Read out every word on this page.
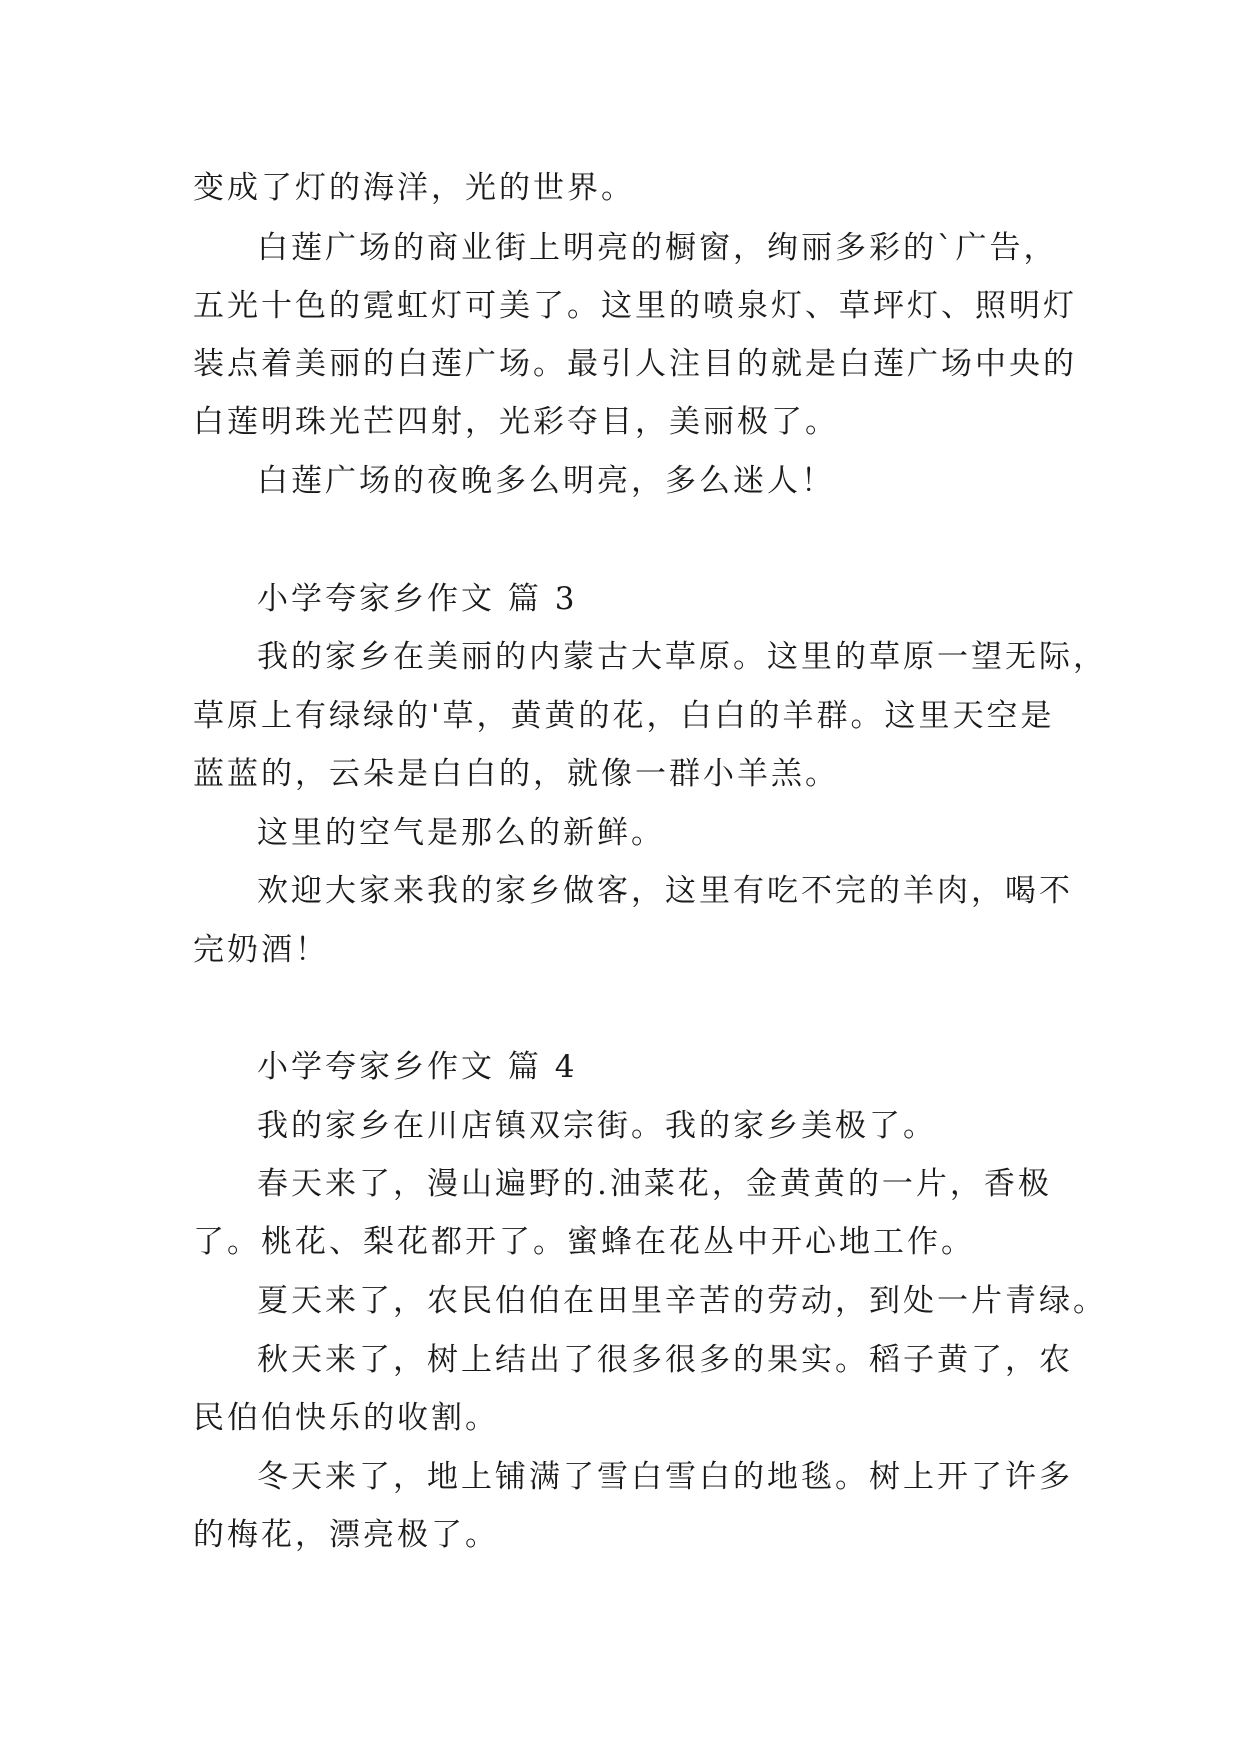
变成了灯的海洋，光的世界。
白莲广场的商业街上明亮的橱窗，绚丽多彩的`广告，
五光十色的霓虹灯可美了。这里的喷泉灯、草坪灯、照明灯
装点着美丽的白莲广场。最引人注目的就是白莲广场中央的
白莲明珠光芒四射，光彩夺目，美丽极了。
白莲广场的夜晚多么明亮，多么迷人！
小学夸家乡作文 篇 3
我的家乡在美丽的内蒙古大草原。这里的草原一望无际，
草原上有绿绿的'草，黄黄的花，白白的羊群。这里天空是
蓝蓝的，云朵是白白的，就像一群小羊羔。
这里的空气是那么的新鲜。
欢迎大家来我的家乡做客，这里有吃不完的羊肉，喝不
完奶酒！
小学夸家乡作文 篇 4
我的家乡在川店镇双宗街。我的家乡美极了。
春天来了，漫山遍野的.油菜花，金黄黄的一片，香极
了。桃花、梨花都开了。蜜蜂在花丛中开心地工作。
夏天来了，农民伯伯在田里辛苦的劳动，到处一片青绿。
秋天来了，树上结出了很多很多的果实。稻子黄了，农
民伯伯快乐的收割。
冬天来了，地上铺满了雪白雪白的地毯。树上开了许多
的梅花，漂亮极了。
